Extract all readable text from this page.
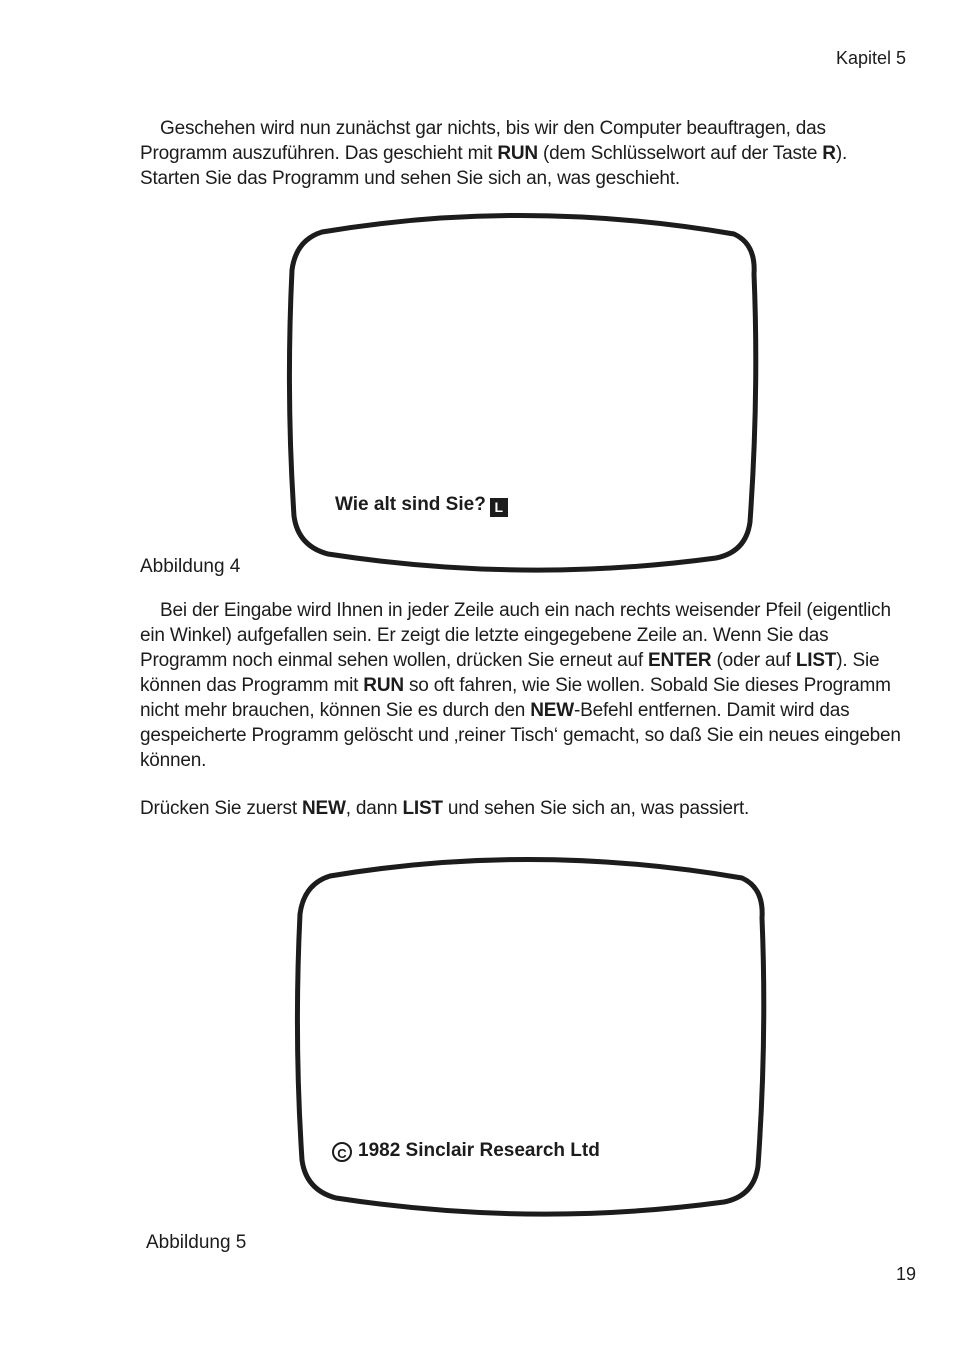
Kapitel 5

Geschehen wird nun zunächst gar nichts, bis wir den Computer beauftragen, das Programm auszuführen. Das geschieht mit RUN (dem Schlüsselwort auf der Taste R). Starten Sie das Programm und sehen Sie sich an, was geschieht.

Wie alt sind Sie? L
Abbildung 4

Bei der Eingabe wird Ihnen in jeder Zeile auch ein nach rechts weisender Pfeil (eigentlich ein Winkel) aufgefallen sein. Er zeigt die letzte eingegebene Zeile an. Wenn Sie das Programm noch einmal sehen wollen, drücken Sie erneut auf ENTER (oder auf LIST). Sie können das Programm mit RUN so oft fahren, wie Sie wollen. Sobald Sie dieses Programm nicht mehr brauchen, können Sie es durch den NEW-Befehl entfernen. Damit wird das gespeicherte Programm gelöscht und ‚reiner Tisch‘ gemacht, so daß Sie ein neues eingeben können.

Drücken Sie zuerst NEW, dann LIST und sehen Sie sich an, was passiert.

C 1982 Sinclair Research Ltd
Abbildung 5
19
